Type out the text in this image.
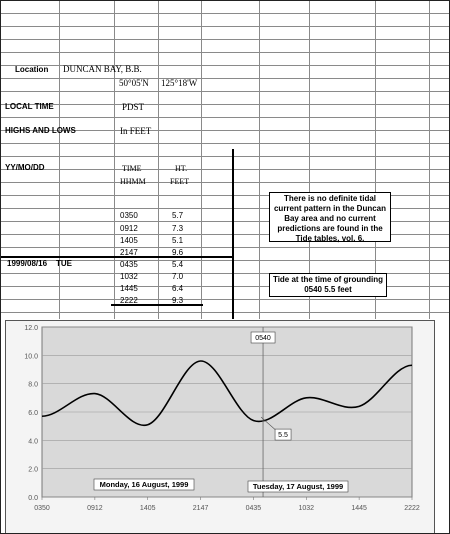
Location DUNCAN BAY, B.B.
50°05'N 125°18'W
LOCAL TIME	PDST
HIGHS AND LOWS	In FEET
YY/MO/DD	TIME
HHMM
HT.
FEET
1999/08/16 TUE
0350	5.7
0912	7.3
1405	5.1
2147	9.6
0435	5.4
1032	7.0
1445	6.4
2222	9.3
There is no definite tidal current pattern in the Duncan Bay area and no current predictions are found in the Tide tables, vol. 6.
Tide at the time of grounding
0540 5.5 feet
0.0
2.0
4.0
6.0
8.0
10.0
12.0
0350	0912	1405	2147	0435	1032	1445	2222
0540
5.5
Monday, 16 August, 1999	Tuesday, 17 August, 1999
